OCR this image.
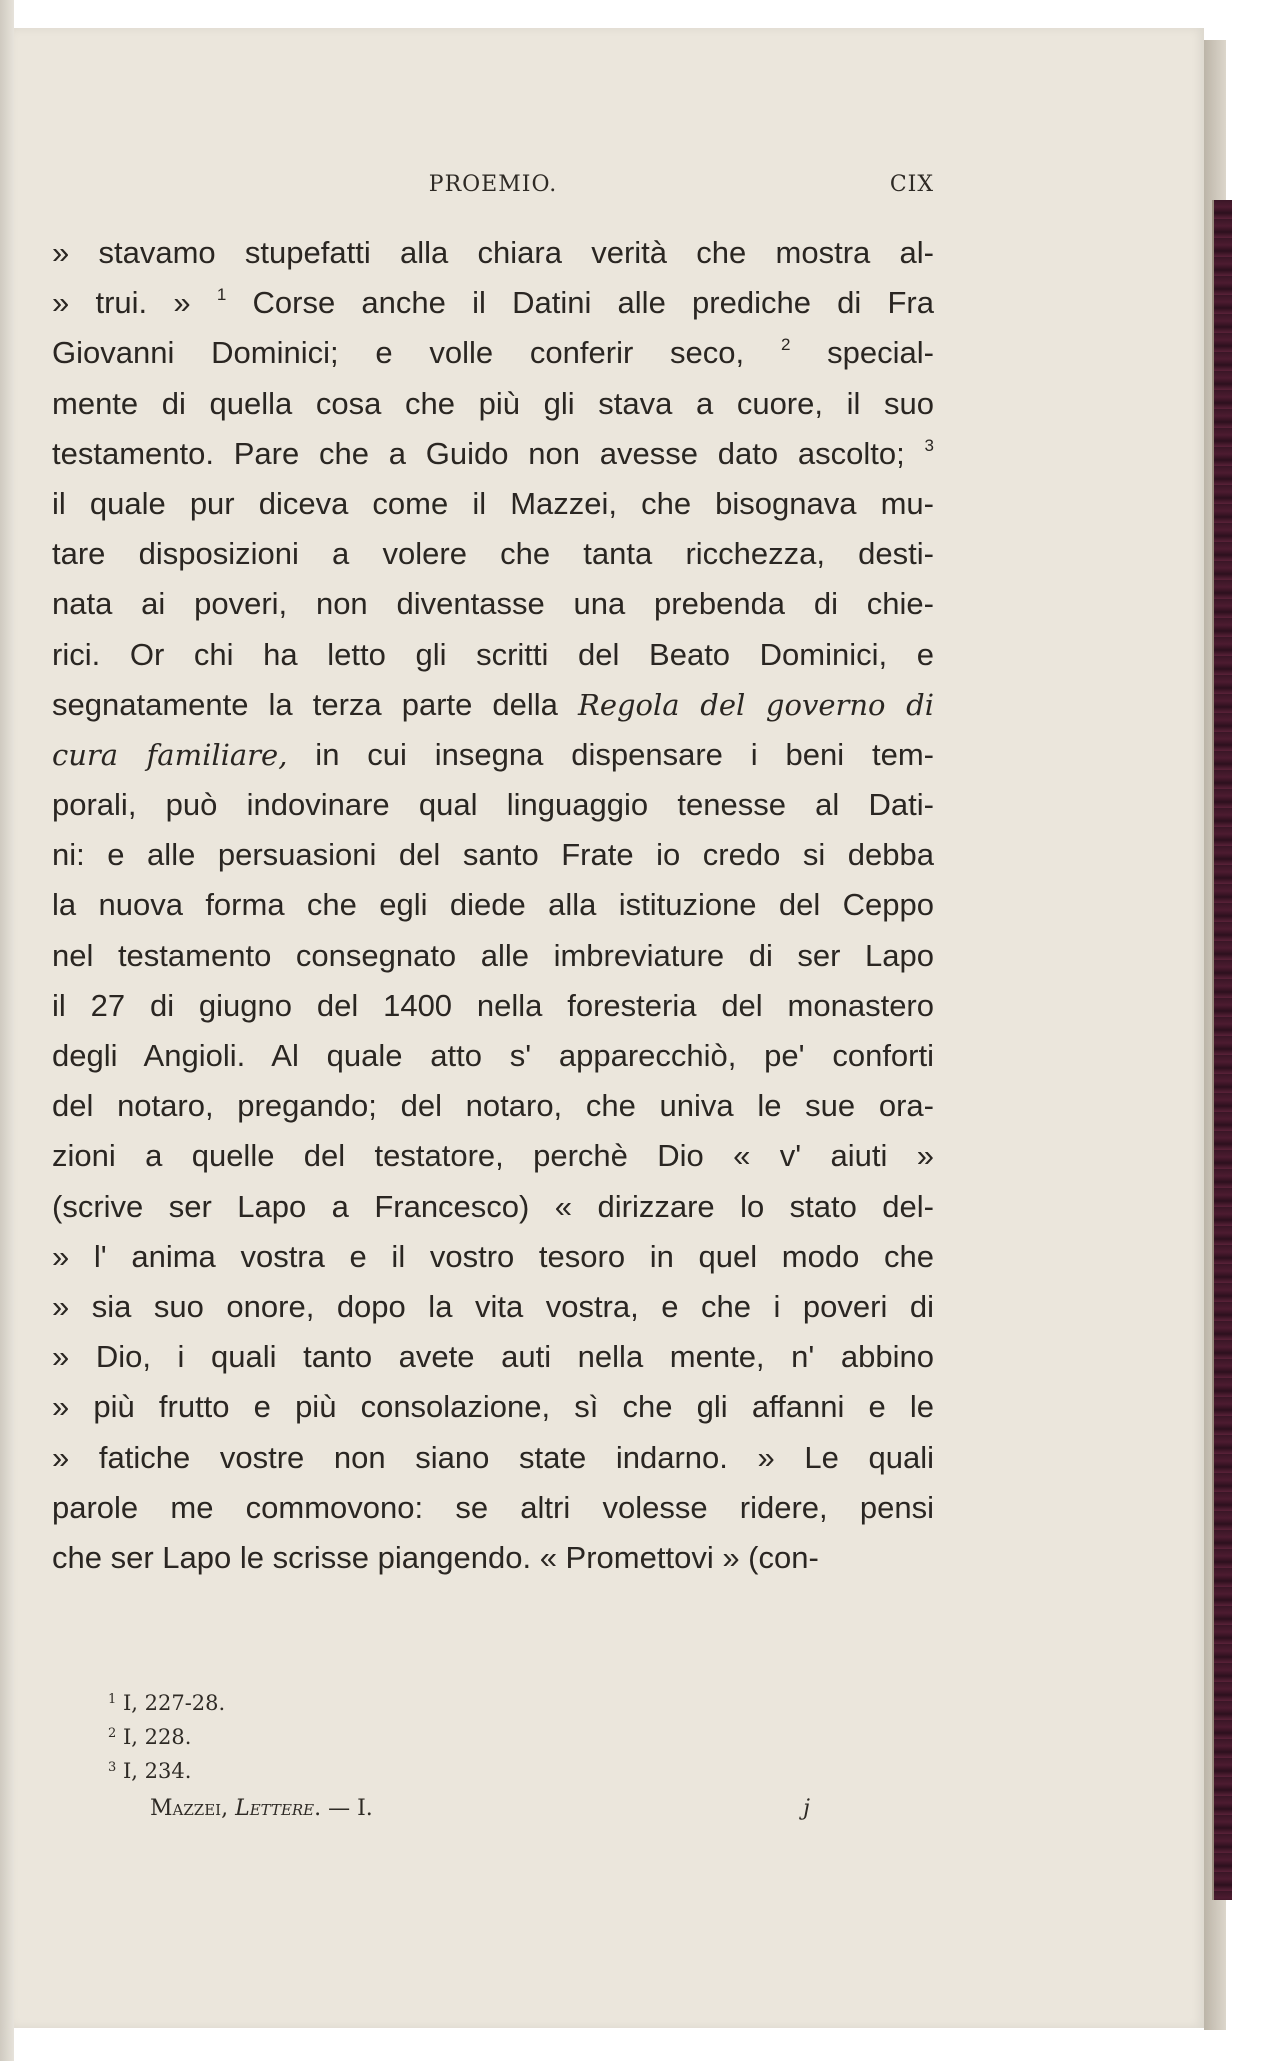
PROEMIO.	CIX
» stavamo stupefatti alla chiara verità che mostra al-
» trui. » $^1$ Corse anche il Datini alle prediche di Fra
Giovanni Dominici; e volle conferir seco, $^2$ special-
mente di quella cosa che più gli stava a cuore, il suo
testamento. Pare che a Guido non avesse dato ascolto; $^3$
il quale pur diceva come il Mazzei, che bisognava mu-
tare disposizioni a volere che tanta ricchezza, desti-
nata ai poveri, non diventasse una prebenda di chie-
rici. Or chi ha letto gli scritti del Beato Dominici, e
segnatamente la terza parte della Regola del governo di
cura familiare, in cui insegna dispensare i beni tem-
porali, può indovinare qual linguaggio tenesse al Dati-
ni: e alle persuasioni del santo Frate io credo si debba
la nuova forma che egli diede alla istituzione del Ceppo
nel testamento consegnato alle imbreviature di ser Lapo
il 27 di giugno del 1400 nella foresteria del monastero
degli Angioli. Al quale atto s' apparecchiò, pe' conforti
del notaro, pregando; del notaro, che univa le sue ora-
zioni a quelle del testatore, perchè Dio « v' aiuti »
(scrive ser Lapo a Francesco) « dirizzare lo stato del-
» l' anima vostra e il vostro tesoro in quel modo che
» sia suo onore, dopo la vita vostra, e che i poveri di
» Dio, i quali tanto avete auti nella mente, n' abbino
» più frutto e più consolazione, sì che gli affanni e le
» fatiche vostre non siano state indarno. » Le quali
parole me commovono: se altri volesse ridere, pensi
che ser Lapo le scrisse piangendo. « Promettovi » (con-
$^1$ I, 227-28.
$^2$ I, 228.
$^3$ I, 234.
Mazzei, Lettere. — I.	j
